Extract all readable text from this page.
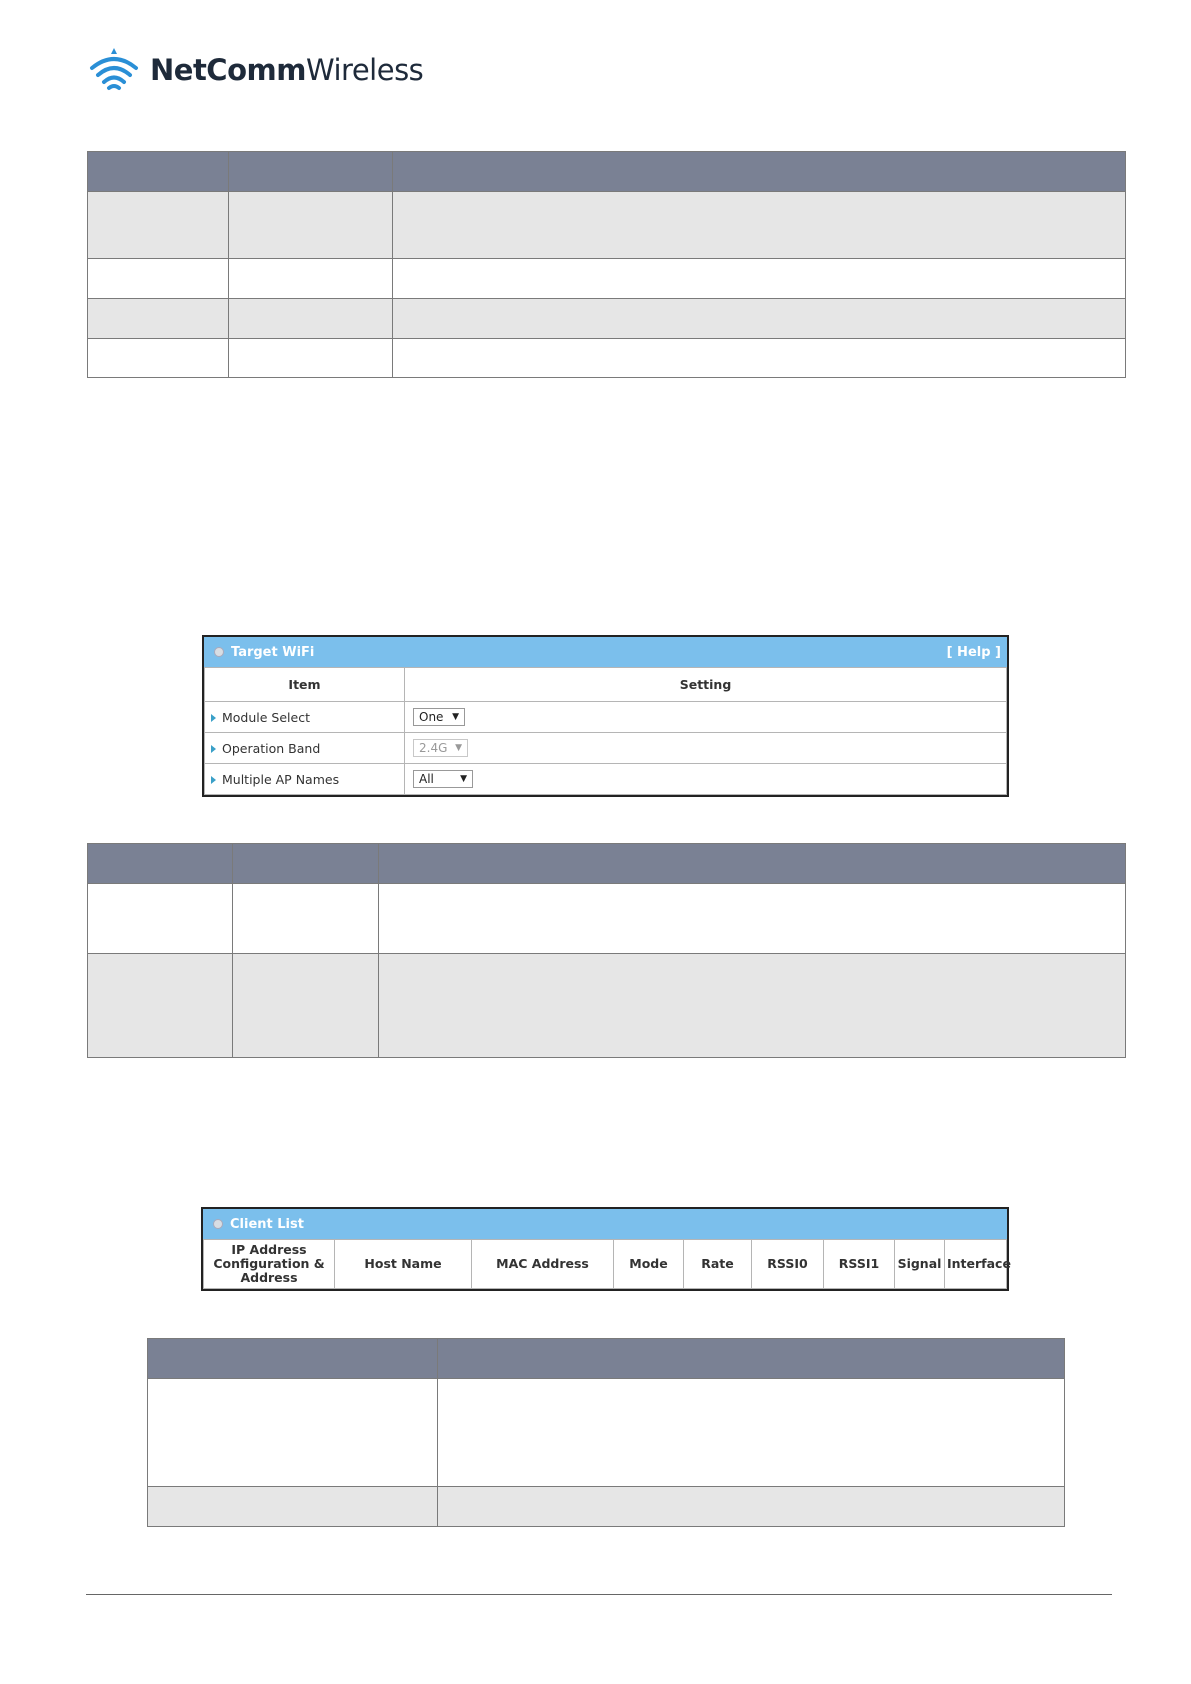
NetComm Wireless

Target WiFi	[ Help ]
Item	Setting
Module Select	One ▼

Operation Band	2.4G ▼

Multiple AP Names	All ▼

Client List
IP Address Configuration & Address	Host Name	MAC Address	Mode	Rate	RSSI0	RSSI1	Signal	Interface
